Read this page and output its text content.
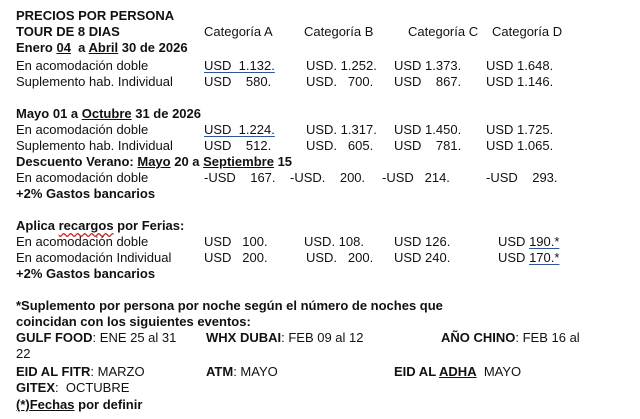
PRECIOS POR PERSONA
TOUR DE 8 DIAS	Categoría A Categoría B	Categoría C Categoría D
Enero 04  a Abril 30 de 2026
En acomodación doble	USD  1.132. USD. 1.252. USD 1.373. USD 1.648.
Suplemento hab. Individual USD    580.	USD.   700. USD    867. USD 1.146.
Mayo 01 a Octubre 31 de 2026
En acomodación doble	USD  1.224. USD. 1.317. USD 1.450. USD 1.725.
Suplemento hab. Individual USD    512.	USD.   605. USD    781. USD 1.065.
Descuento Verano: Mayo 20 a Septiembre 15
En acomodación doble	-USD    167. -USD.    200. -USD   214.	-USD    293.
+2% Gastos bancarios
Aplica recargos por Ferias:
En acomodación doble	USD   100.	USD. 108. USD 126.	USD 190.*
En acomodación Individual	USD   200.	USD.   200. USD 240.	USD 170.*
+2% Gastos bancarios
*Suplemento por persona por noche según el número de noches que
coincidan con los siguientes eventos:
GULF FOOD: ENE 25 al 31 WHX DUBAI: FEB 09 al 12	AÑO CHINO: FEB 16 al
22
EID AL FITR: MARZO	ATM: MAYO	EID AL ADHA  MAYO
GITEX:  OCTUBRE
(*)Fechas por definir
